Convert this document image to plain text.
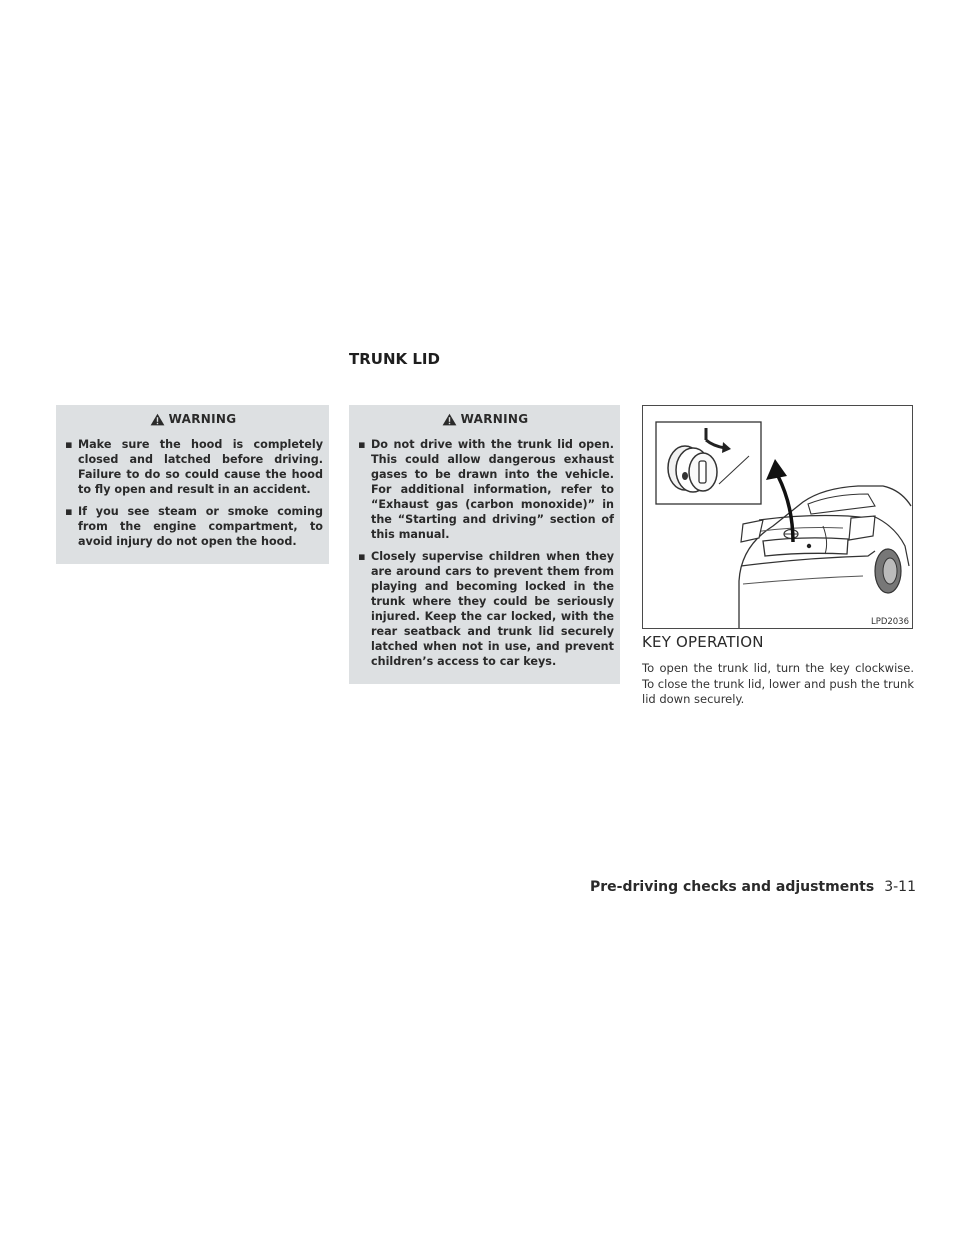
TRUNK LID
WARNING
▪ Make sure the hood is completely closed and latched before driving. Failure to do so could cause the hood to fly open and result in an accident.
▪ If you see steam or smoke coming from the engine compartment, to avoid injury do not open the hood.
WARNING
▪ Do not drive with the trunk lid open. This could allow dangerous exhaust gases to be drawn into the vehicle. For additional information, refer to “Exhaust gas (carbon monoxide)” in the “Starting and driving” section of this manual.
▪ Closely supervise children when they are around cars to prevent them from playing and becoming locked in the trunk where they could be seriously injured. Keep the car locked, with the rear seatback and trunk lid securely latched when not in use, and prevent children’s access to car keys.
LPD2036
KEY OPERATION

To open the trunk lid, turn the key clockwise. To close the trunk lid, lower and push the trunk lid down securely.

Pre-driving checks and adjustments 3-11
